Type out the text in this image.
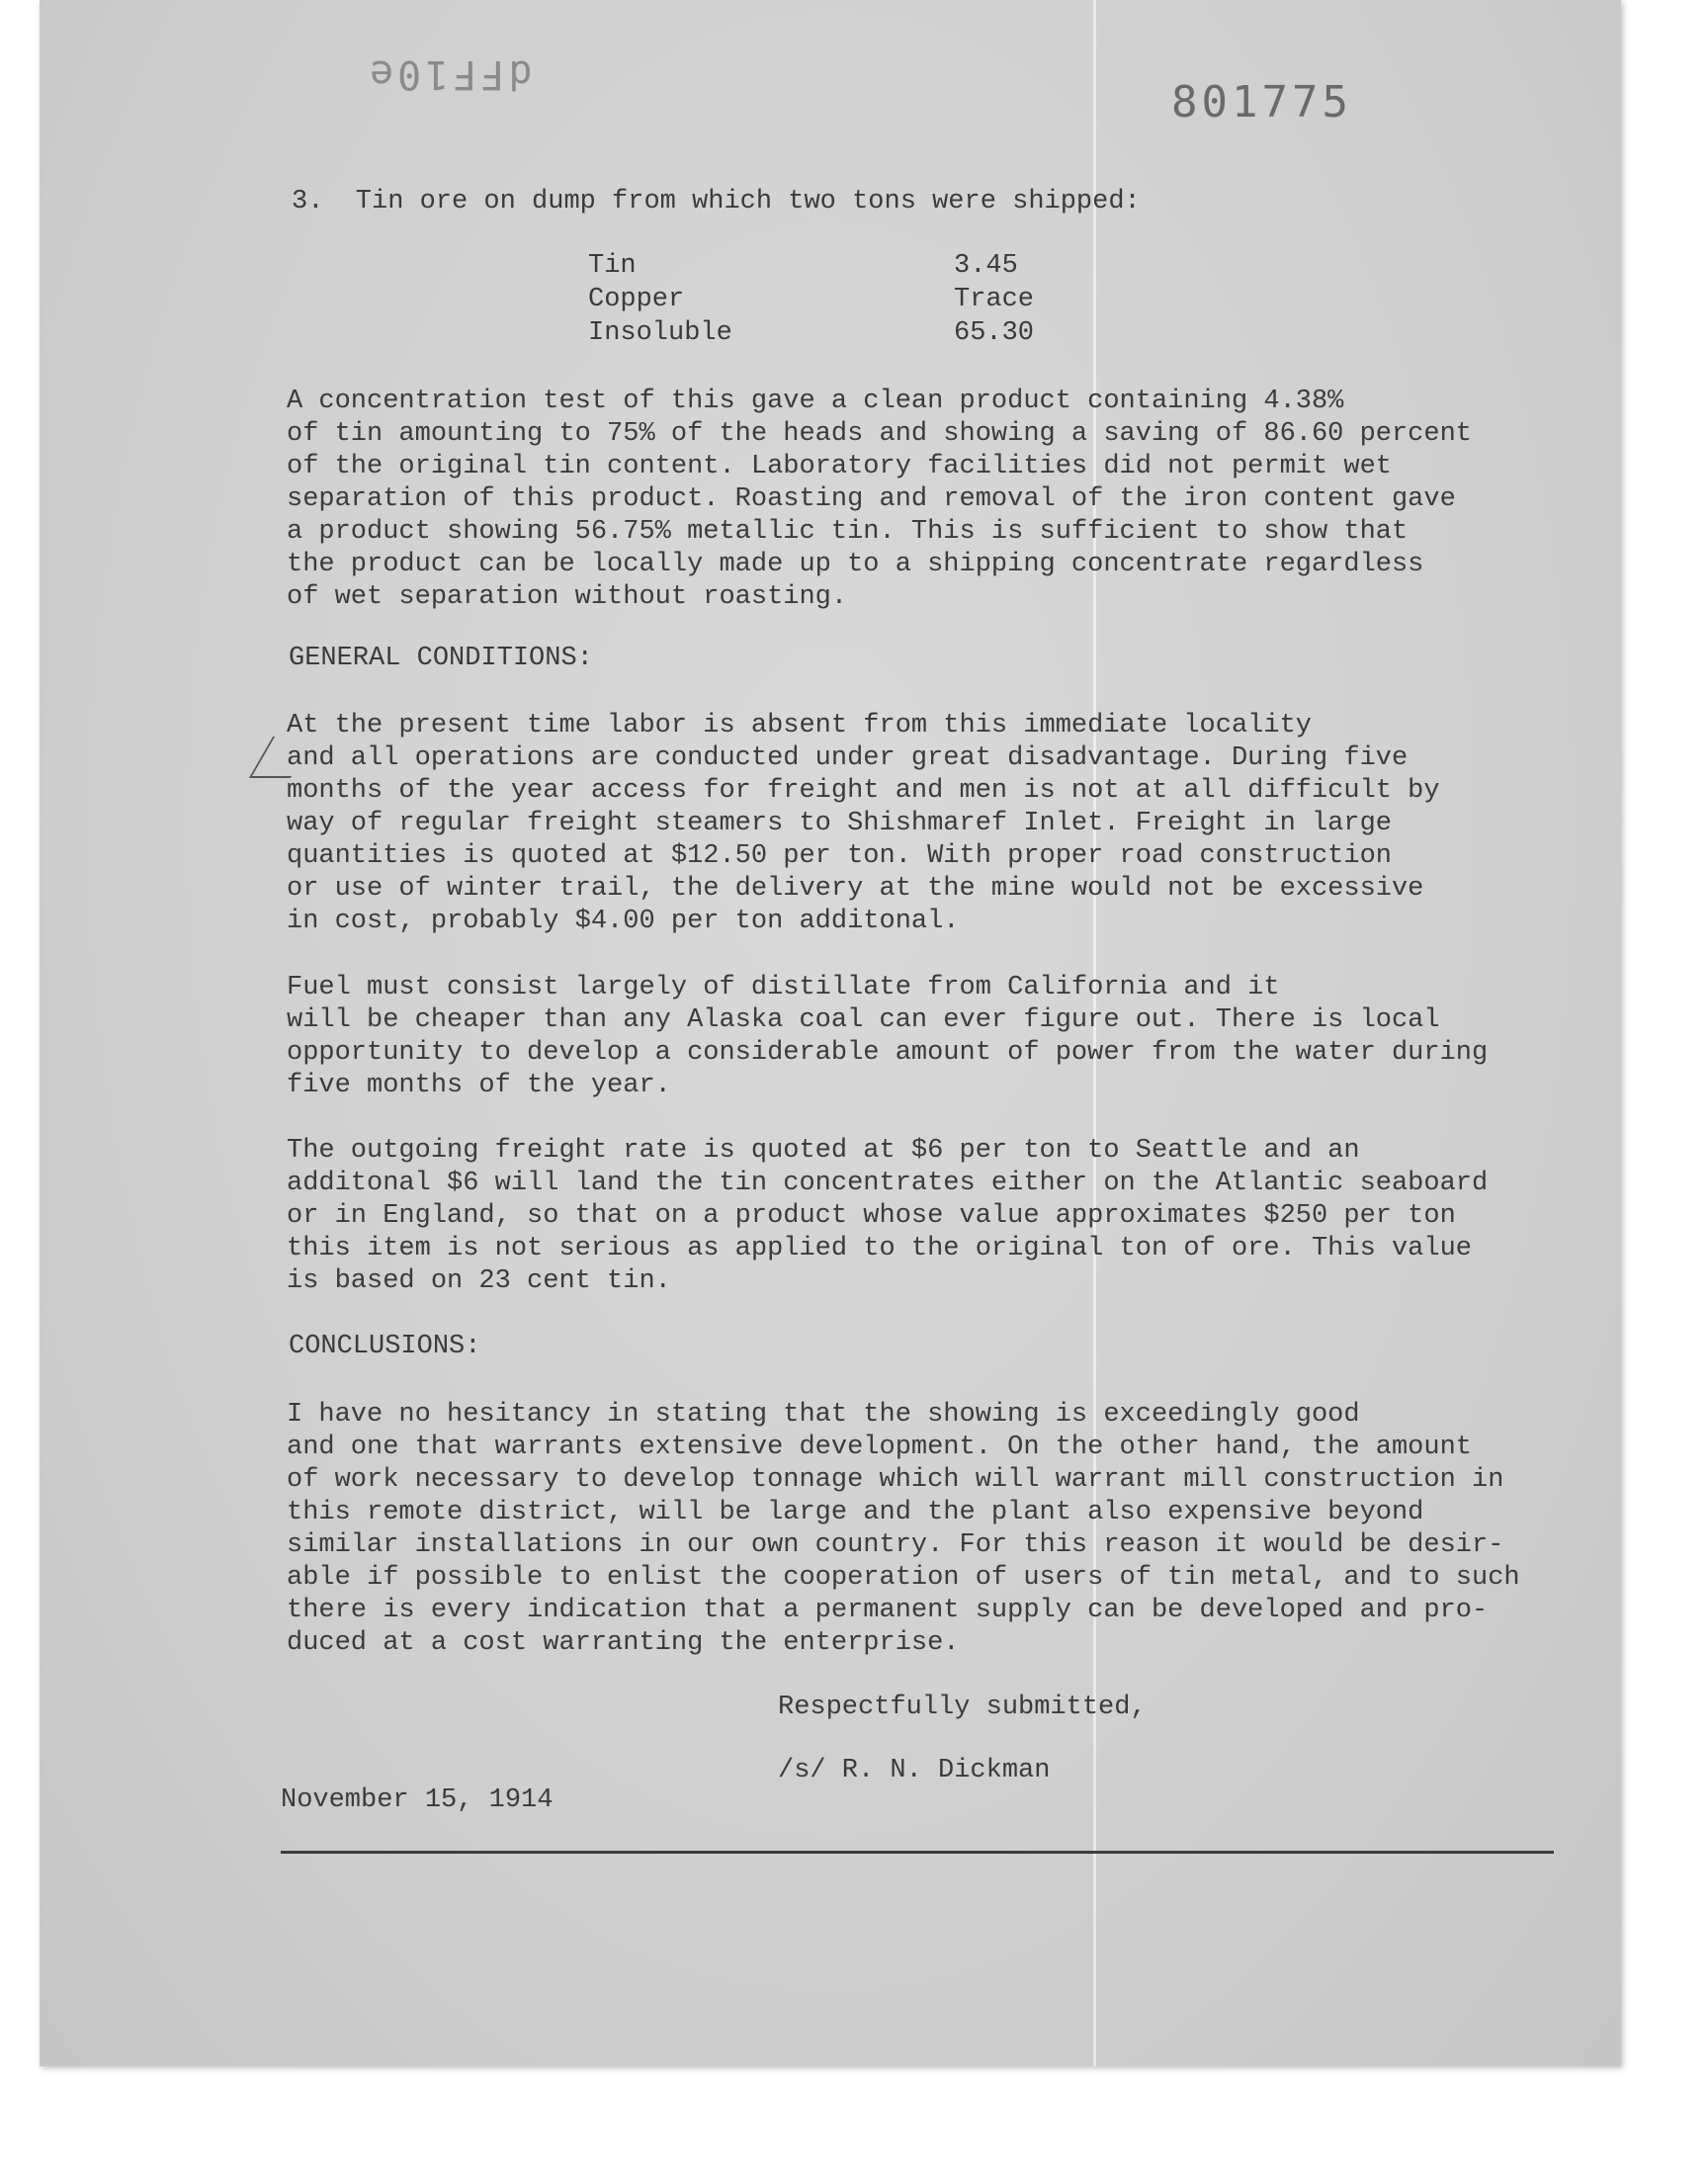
dFF10e
801775
3.  Tin ore on dump from which two tons were shipped:
Tin	3.45
Copper	Trace
Insoluble	65.30
A concentration test of this gave a clean product containing 4.38%
of tin amounting to 75% of the heads and showing a saving of 86.60 percent
of the original tin content. Laboratory facilities did not permit wet
separation of this product. Roasting and removal of the iron content gave
a product showing 56.75% metallic tin. This is sufficient to show that
the product can be locally made up to a shipping concentrate regardless
of wet separation without roasting.
GENERAL CONDITIONS:
At the present time labor is absent from this immediate locality
and all operations are conducted under great disadvantage. During five
months of the year access for freight and men is not at all difficult by
way of regular freight steamers to Shishmaref Inlet. Freight in large
quantities is quoted at $12.50 per ton. With proper road construction
or use of winter trail, the delivery at the mine would not be excessive
in cost, probably $4.00 per ton additonal.
Fuel must consist largely of distillate from California and it
will be cheaper than any Alaska coal can ever figure out. There is local
opportunity to develop a considerable amount of power from the water during
five months of the year.
The outgoing freight rate is quoted at $6 per ton to Seattle and an
additonal $6 will land the tin concentrates either on the Atlantic seaboard
or in England, so that on a product whose value approximates $250 per ton
this item is not serious as applied to the original ton of ore. This value
is based on 23 cent tin.
CONCLUSIONS:
I have no hesitancy in stating that the showing is exceedingly good
and one that warrants extensive development. On the other hand, the amount
of work necessary to develop tonnage which will warrant mill construction in
this remote district, will be large and the plant also expensive beyond
similar installations in our own country. For this reason it would be desir-
able if possible to enlist the cooperation of users of tin metal, and to such
there is every indication that a permanent supply can be developed and pro-
duced at a cost warranting the enterprise.
Respectfully submitted,
/s/ R. N. Dickman
November 15, 1914
